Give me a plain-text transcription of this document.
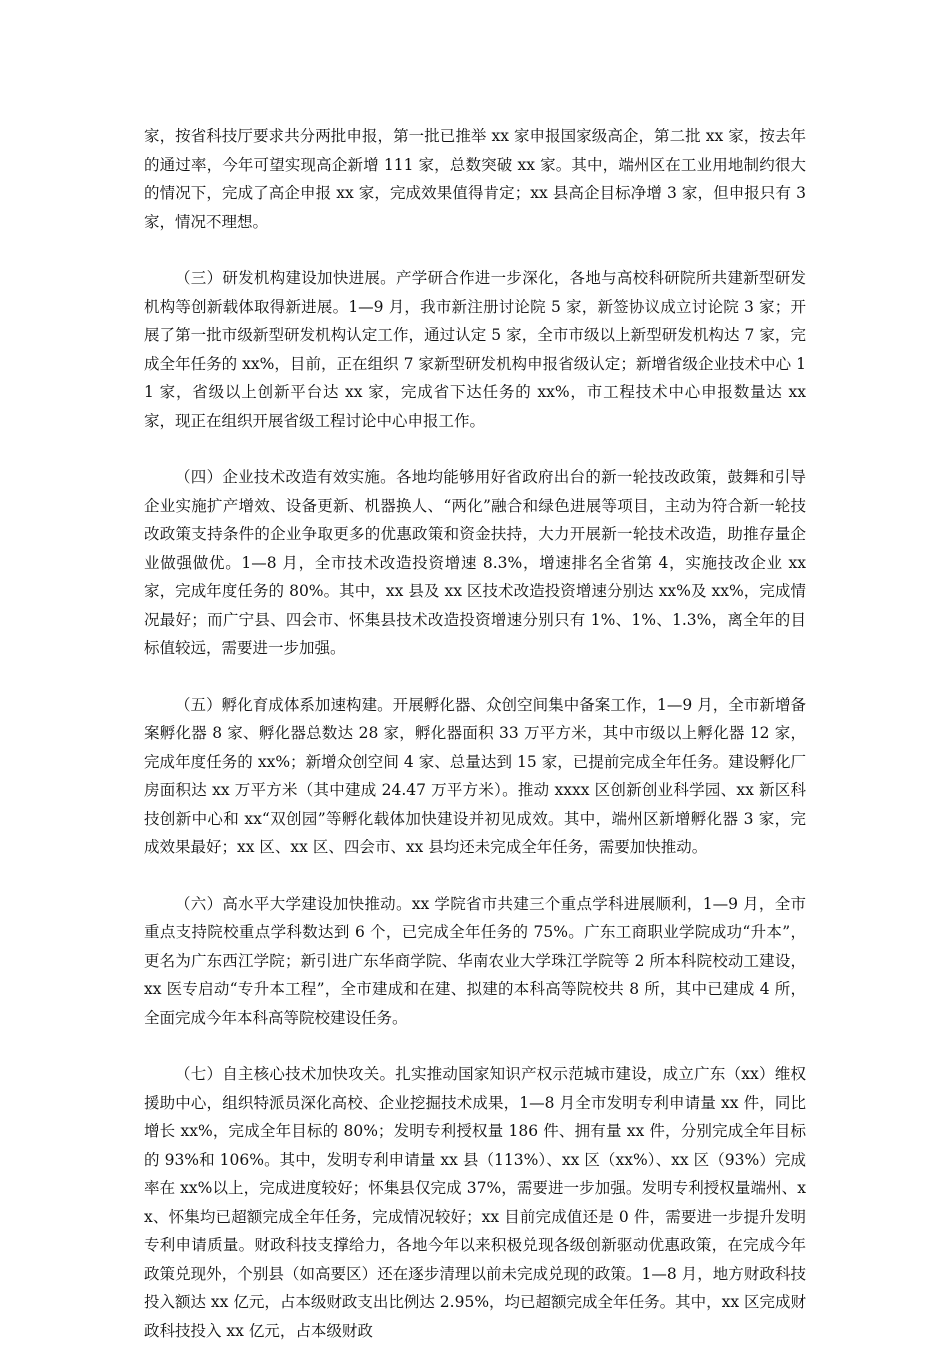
家，按省科技厅要求共分两批申报，第一批已推举 xx 家申报国家级高企，第二批 xx 家，按去年的通过率，今年可望实现高企新增 111 家，总数突破 xx 家。其中，端州区在工业用地制约很大的情况下，完成了高企申报 xx 家，完成效果值得肯定；xx 县高企目标净增 3 家，但申报只有 3 家，情况不理想。

（三）研发机构建设加快进展。产学研合作进一步深化，各地与高校科研院所共建新型研发机构等创新载体取得新进展。1—9 月，我市新注册讨论院 5 家，新签协议成立讨论院 3 家；开展了第一批市级新型研发机构认定工作，通过认定 5 家，全市市级以上新型研发机构达 7 家，完成全年任务的 xx%，目前，正在组织 7 家新型研发机构申报省级认定；新增省级企业技术中心 11 家，省级以上创新平台达 xx 家，完成省下达任务的 xx%，市工程技术中心申报数量达 xx 家，现正在组织开展省级工程讨论中心申报工作。

（四）企业技术改造有效实施。各地均能够用好省政府出台的新一轮技改政策，鼓舞和引导企业实施扩产增效、设备更新、机器换人、“两化”融合和绿色进展等项目，主动为符合新一轮技改政策支持条件的企业争取更多的优惠政策和资金扶持，大力开展新一轮技术改造，助推存量企业做强做优。1—8 月，全市技术改造投资增速 8.3%，增速排名全省第 4，实施技改企业 xx 家，完成年度任务的 80%。其中，xx 县及 xx 区技术改造投资增速分别达 xx%及 xx%，完成情况最好；而广宁县、四会市、怀集县技术改造投资增速分别只有 1%、1%、1.3%，离全年的目标值较远，需要进一步加强。

（五）孵化育成体系加速构建。开展孵化器、众创空间集中备案工作，1—9 月，全市新增备案孵化器 8 家、孵化器总数达 28 家，孵化器面积 33 万平方米，其中市级以上孵化器 12 家，完成年度任务的 xx%；新增众创空间 4 家、总量达到 15 家，已提前完成全年任务。建设孵化厂房面积达 xx 万平方米（其中建成 24.47 万平方米）。推动 xxxx 区创新创业科学园、xx 新区科技创新中心和 xx“双创园”等孵化载体加快建设并初见成效。其中，端州区新增孵化器 3 家，完成效果最好；xx 区、xx 区、四会市、xx 县均还未完成全年任务，需要加快推动。

（六）高水平大学建设加快推动。xx 学院省市共建三个重点学科进展顺利，1—9 月，全市重点支持院校重点学科数达到 6 个，已完成全年任务的 75%。广东工商职业学院成功“升本”，更名为广东西江学院；新引进广东华商学院、华南农业大学珠江学院等 2 所本科院校动工建设，xx 医专启动“专升本工程”，全市建成和在建、拟建的本科高等院校共 8 所，其中已建成 4 所，全面完成今年本科高等院校建设任务。

（七）自主核心技术加快攻关。扎实推动国家知识产权示范城市建设，成立广东（xx）维权援助中心，组织特派员深化高校、企业挖掘技术成果，1—8 月全市发明专利申请量 xx 件，同比增长 xx%，完成全年目标的 80%；发明专利授权量 186 件、拥有量 xx 件，分别完成全年目标的 93%和 106%。其中，发明专利申请量 xx 县（113%）、xx 区（xx%）、xx 区（93%）完成率在 xx%以上，完成进度较好；怀集县仅完成 37%，需要进一步加强。发明专利授权量端州、xx、怀集均已超额完成全年任务，完成情况较好；xx 目前完成值还是 0 件，需要进一步提升发明专利申请质量。财政科技支撑给力，各地今年以来积极兑现各级创新驱动优惠政策，在完成今年政策兑现外，个别县（如高要区）还在逐步清理以前未完成兑现的政策。1—8 月，地方财政科技投入额达 xx 亿元，占本级财政支出比例达 2.95%，均已超额完成全年任务。其中，xx 区完成财政科技投入 xx 亿元，占本级财政
